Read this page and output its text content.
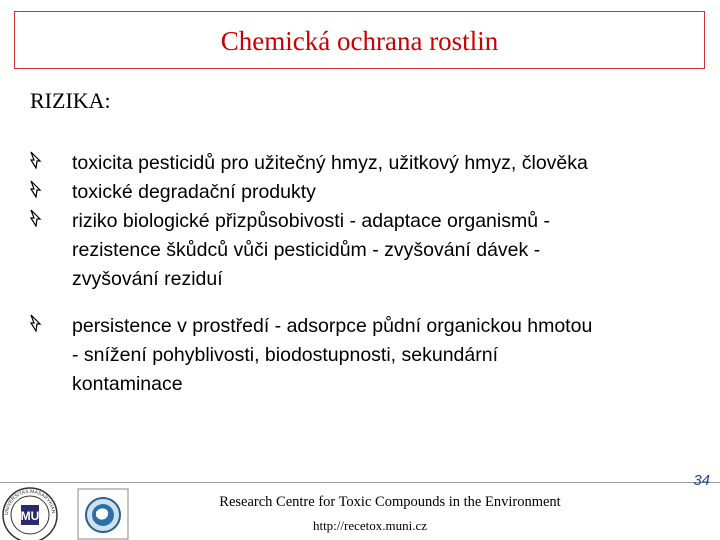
Chemická ochrana rostlin
RIZIKA:
toxicita pesticidů pro užitečný hmyz, užitkový hmyz, člověka
toxické degradační produkty
riziko biologické přizpůsobivosti - adaptace organismů -
rezistence škůdců vůči pesticidům - zvyšování dávek -
zvyšování reziduí
persistence v prostředí - adsorpce půdní organickou hmotou
- snížení pohyblivosti, biodostupnosti, sekundární
kontaminace
MU
UNIVERSITAS MASARYKIAN
Research Centre for Toxic Compounds in the Environment
http://recetox.muni.cz
34
